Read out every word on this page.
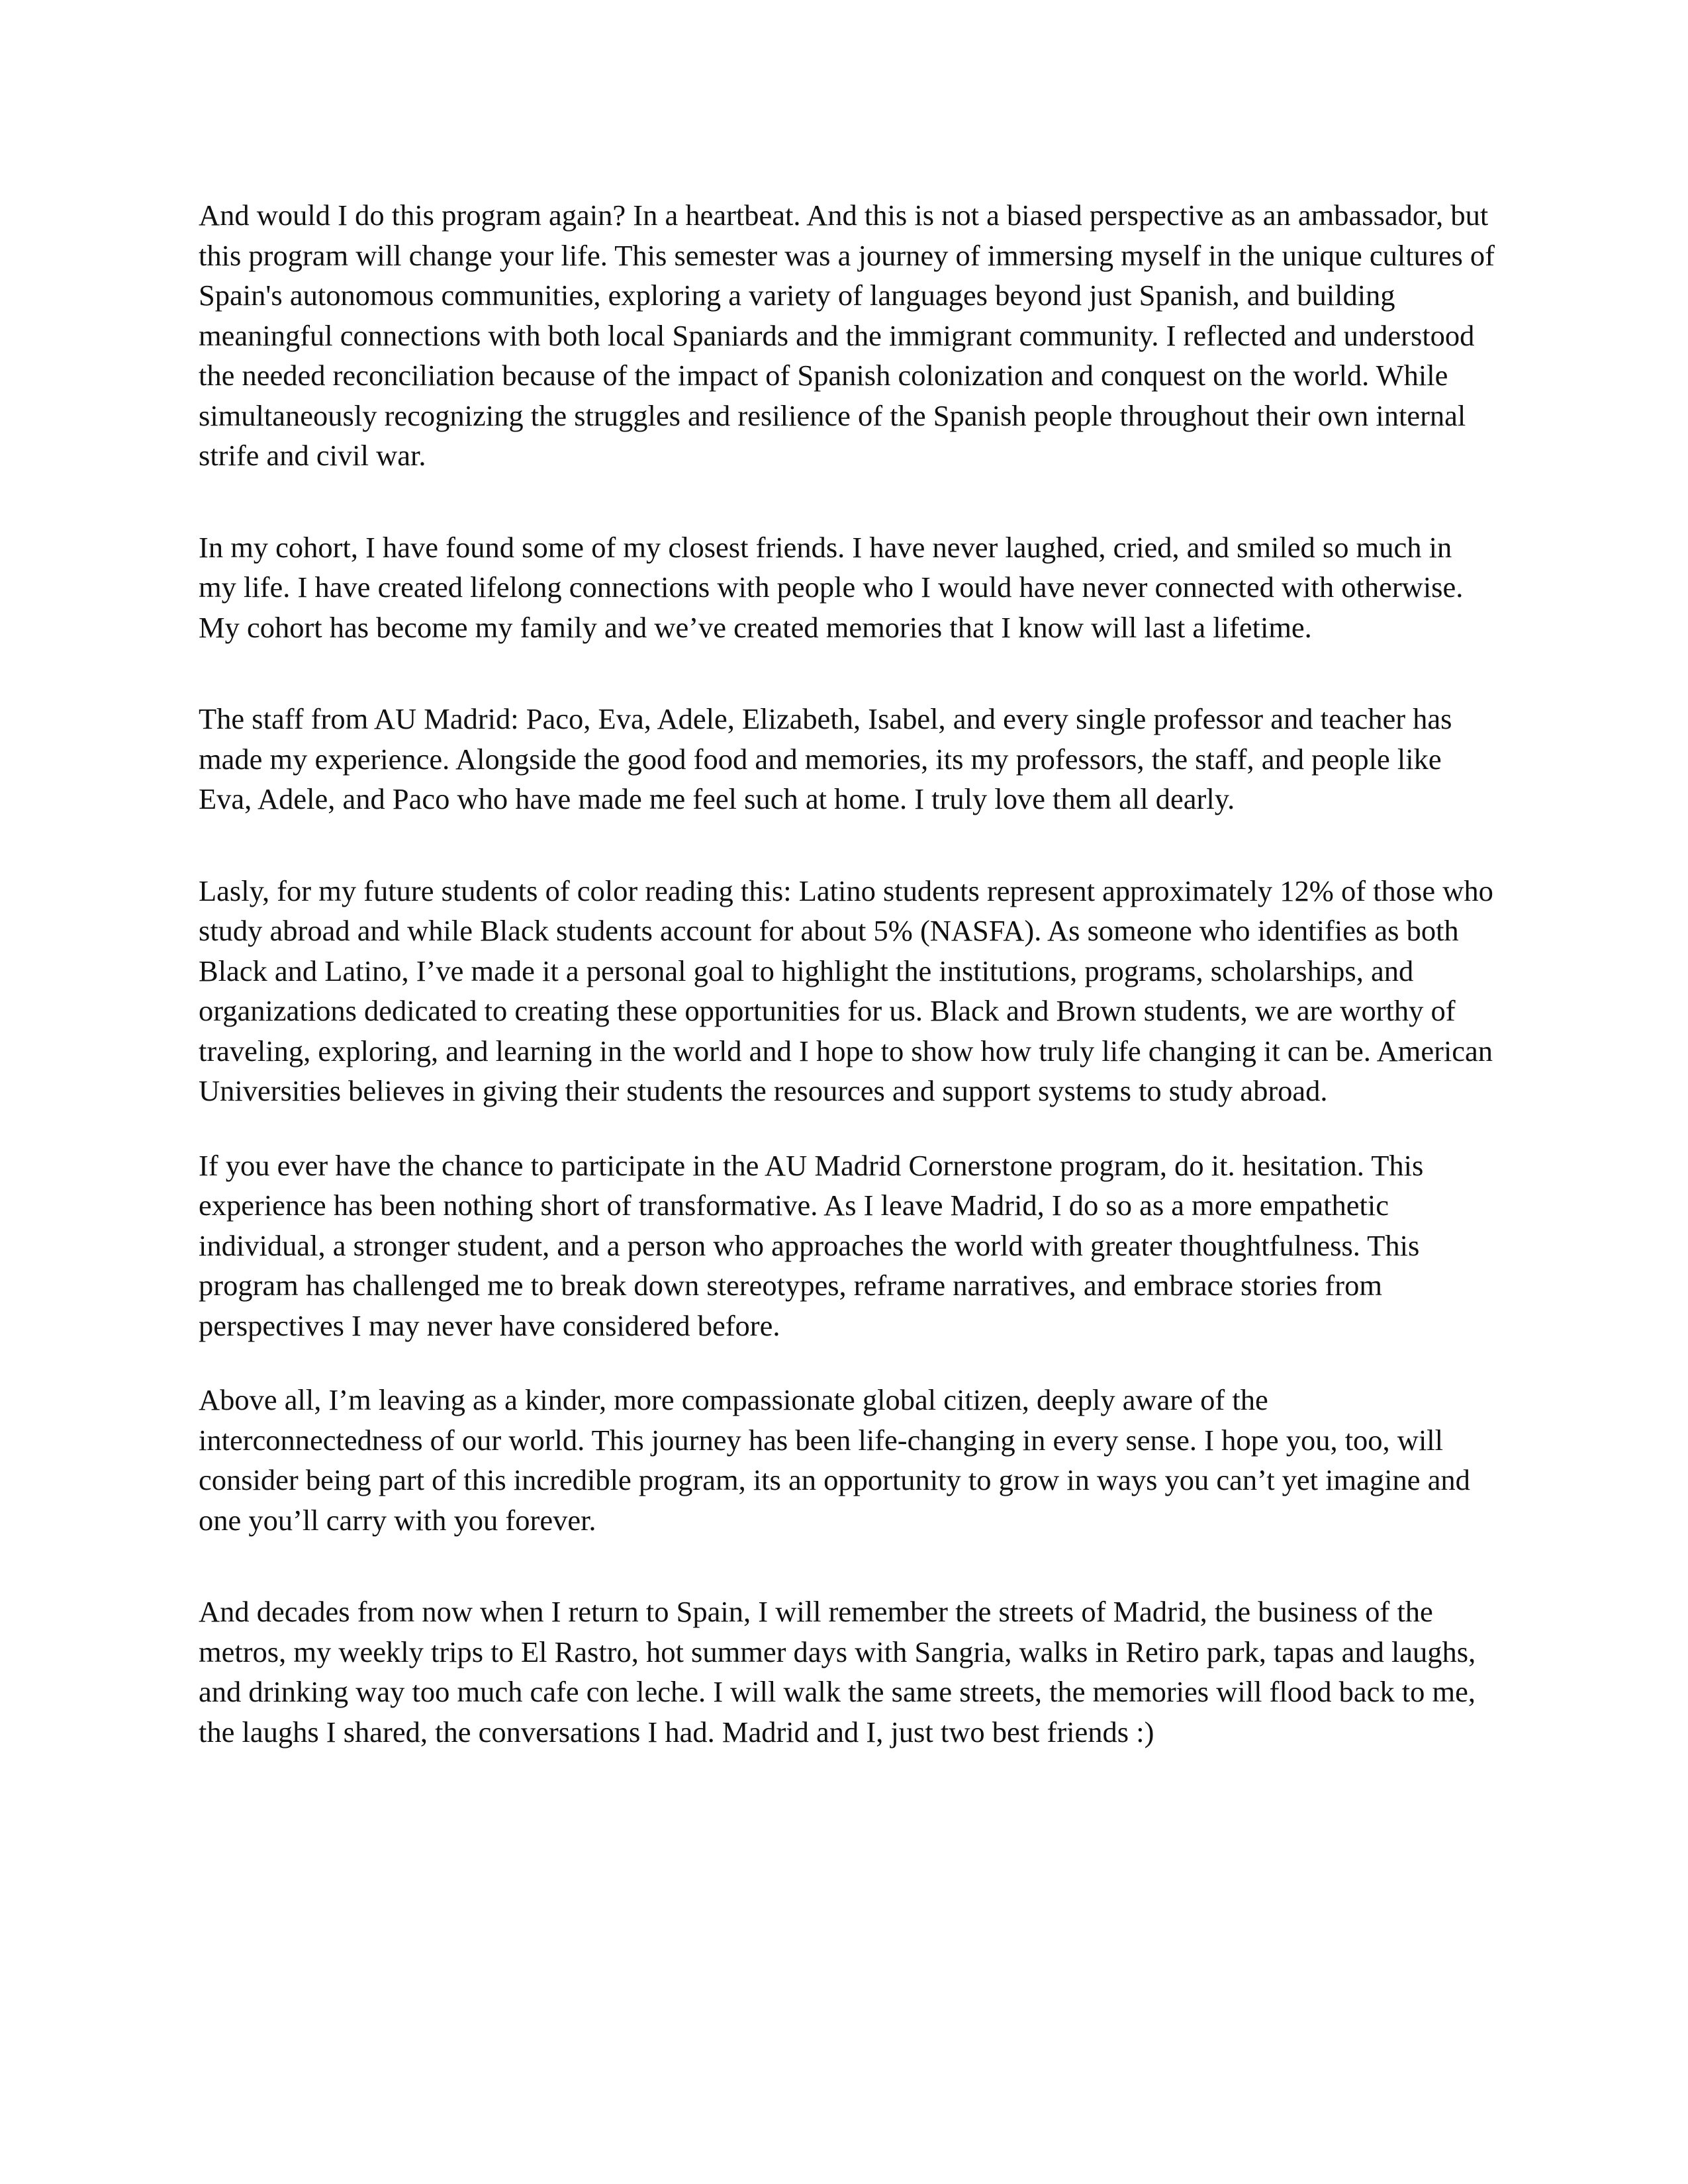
And would I do this program again? In a heartbeat. And this is not a biased perspective as an ambassador, but this program will change your life. This semester was a journey of immersing myself in the unique cultures of Spain's autonomous communities, exploring a variety of languages beyond just Spanish, and building meaningful connections with both local Spaniards and the immigrant community. I reflected and understood the needed reconciliation because of the impact of Spanish colonization and conquest on the world. While simultaneously recognizing the struggles and resilience of the Spanish people throughout their own internal strife and civil war.

In my cohort, I have found some of my closest friends. I have never laughed, cried, and smiled so much in my life. I have created lifelong connections with people who I would have never connected with otherwise. My cohort has become my family and we’ve created memories that I know will last a lifetime.

The staff from AU Madrid: Paco, Eva, Adele, Elizabeth, Isabel, and every single professor and teacher has made my experience. Alongside the good food and memories, its my professors, the staff, and people like Eva, Adele, and Paco who have made me feel such at home. I truly love them all dearly.

Lasly, for my future students of color reading this: Latino students represent approximately 12% of those who study abroad and while Black students account for about 5% (NASFA). As someone who identifies as both Black and Latino, I’ve made it a personal goal to highlight the institutions, programs, scholarships, and organizations dedicated to creating these opportunities for us. Black and Brown students, we are worthy of traveling, exploring, and learning in the world and I hope to show how truly life changing it can be. American Universities believes in giving their students the resources and support systems to study abroad.

If you ever have the chance to participate in the AU Madrid Cornerstone program, do it. hesitation. This experience has been nothing short of transformative. As I leave Madrid, I do so as a more empathetic individual, a stronger student, and a person who approaches the world with greater thoughtfulness. This program has challenged me to break down stereotypes, reframe narratives, and embrace stories from perspectives I may never have considered before.

Above all, I’m leaving as a kinder, more compassionate global citizen, deeply aware of the interconnectedness of our world. This journey has been life-changing in every sense. I hope you, too, will consider being part of this incredible program, its an opportunity to grow in ways you can’t yet imagine and one you’ll carry with you forever.

And decades from now when I return to Spain, I will remember the streets of Madrid, the business of the metros, my weekly trips to El Rastro, hot summer days with Sangria, walks in Retiro park, tapas and laughs, and drinking way too much cafe con leche. I will walk the same streets, the memories will flood back to me, the laughs I shared, the conversations I had. Madrid and I, just two best friends :)
